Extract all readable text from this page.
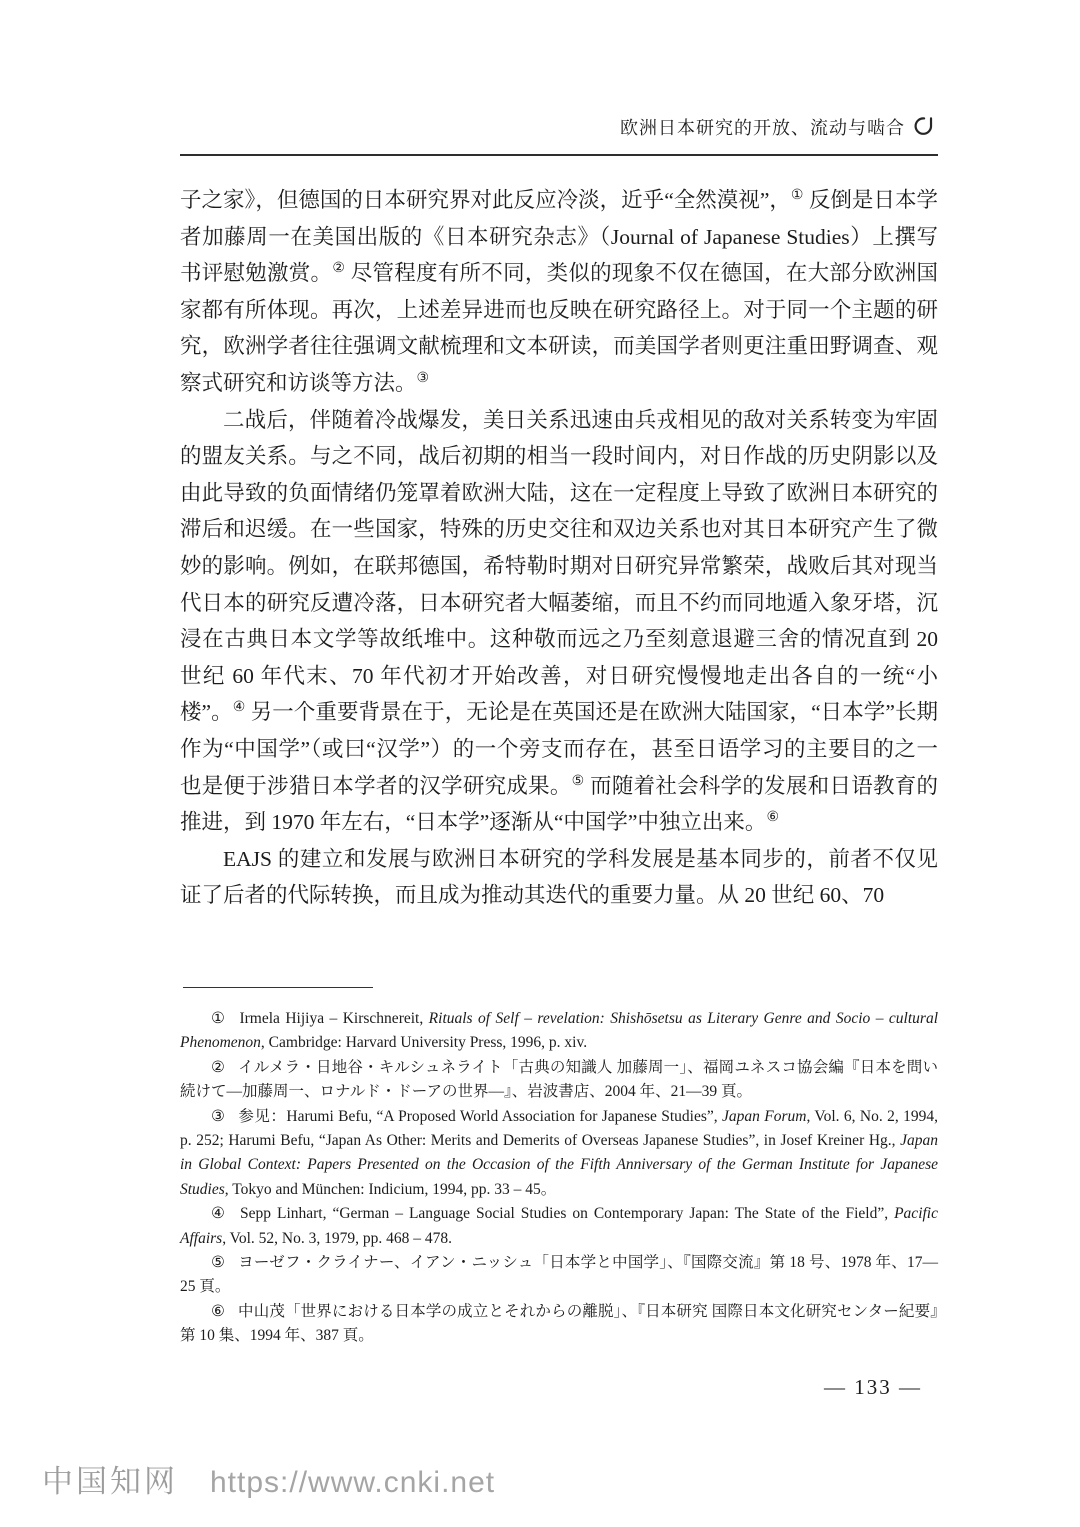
欧洲日本研究的开放、流动与啮合

子之家》，但德国的日本研究界对此反应冷淡，近乎“全然漠视”，① 反倒是日本学者加藤周一在美国出版的《日本研究杂志》（Journal of Japanese Studies）上撰写书评慰勉激赏。② 尽管程度有所不同，类似的现象不仅在德国，在大部分欧洲国家都有所体现。再次，上述差异进而也反映在研究路径上。对于同一个主题的研究，欧洲学者往往强调文献梳理和文本研读，而美国学者则更注重田野调查、观察式研究和访谈等方法。③

二战后，伴随着冷战爆发，美日关系迅速由兵戎相见的敌对关系转变为牢固的盟友关系。与之不同，战后初期的相当一段时间内，对日作战的历史阴影以及由此导致的负面情绪仍笼罩着欧洲大陆，这在一定程度上导致了欧洲日本研究的滞后和迟缓。在一些国家，特殊的历史交往和双边关系也对其日本研究产生了微妙的影响。例如，在联邦德国，希特勒时期对日研究异常繁荣，战败后其对现当代日本的研究反遭冷落，日本研究者大幅萎缩，而且不约而同地遁入象牙塔，沉浸在古典日本文学等故纸堆中。这种敬而远之乃至刻意退避三舍的情况直到 20 世纪 60 年代末、70 年代初才开始改善，对日研究慢慢地走出各自的一统“小楼”。④ 另一个重要背景在于，无论是在英国还是在欧洲大陆国家，“日本学”长期作为“中国学”（或曰“汉学”）的一个旁支而存在，甚至日语学习的主要目的之一也是便于涉猎日本学者的汉学研究成果。⑤ 而随着社会科学的发展和日语教育的推进，到 1970 年左右，“日本学”逐渐从“中国学”中独立出来。⑥

EAJS 的建立和发展与欧洲日本研究的学科发展是基本同步的，前者不仅见证了后者的代际转换，而且成为推动其迭代的重要力量。从 20 世纪 60、70

① Irmela Hijiya – Kirschnereit, Rituals of Self – revelation: Shishōsetsu as Literary Genre and Socio – cultural Phenomenon, Cambridge: Harvard University Press, 1996, p. xiv.

② イルメラ・日地谷・キルシュネライト「古典の知識人 加藤周一」、福岡ユネスコ協会編『日本を問い続けて―加藤周一、ロナルド・ドーアの世界―』、岩波書店、2004 年、21—39 頁。

③ 参见：Harumi Befu, “A Proposed World Association for Japanese Studies”, Japan Forum, Vol. 6, No. 2, 1994, p. 252; Harumi Befu, “Japan As Other: Merits and Demerits of Overseas Japanese Studies”, in Josef Kreiner Hg., Japan in Global Context: Papers Presented on the Occasion of the Fifth Anniversary of the German Institute for Japanese Studies, Tokyo and München: Indicium, 1994, pp. 33 – 45。

④ Sepp Linhart, “German – Language Social Studies on Contemporary Japan: The State of the Field”, Pacific Affairs, Vol. 52, No. 3, 1979, pp. 468 – 478.

⑤ ヨーゼフ・クライナー、イアン・ニッシュ「日本学と中国学」、『国際交流』第 18 号、1978 年、17—25 頁。

⑥ 中山茂「世界における日本学の成立とそれからの離脱」、『日本研究 国際日本文化研究センター紀要』第 10 集、1994 年、387 頁。

— 133 —
中国知网 https://www.cnki.net
